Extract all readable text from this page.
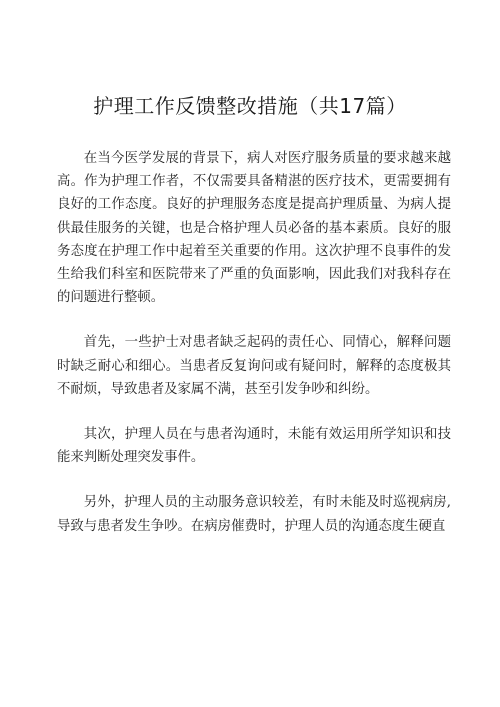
护理工作反馈整改措施（共17篇）

在当今医学发展的背景下，病人对医疗服务质量的要求越来越高。作为护理工作者，不仅需要具备精湛的医疗技术，更需要拥有良好的工作态度。良好的护理服务态度是提高护理质量、为病人提供最佳服务的关键，也是合格护理人员必备的基本素质。良好的服务态度在护理工作中起着至关重要的作用。这次护理不良事件的发生给我们科室和医院带来了严重的负面影响，因此我们对我科存在的问题进行整顿。

首先，一些护士对患者缺乏起码的责任心、同情心，解释问题时缺乏耐心和细心。当患者反复询问或有疑问时，解释的态度极其不耐烦，导致患者及家属不满，甚至引发争吵和纠纷。

其次，护理人员在与患者沟通时，未能有效运用所学知识和技能来判断处理突发事件。

另外，护理人员的主动服务意识较差，有时未能及时巡视病房,导致与患者发生争吵。在病房催费时，护理人员的沟通态度生硬直
